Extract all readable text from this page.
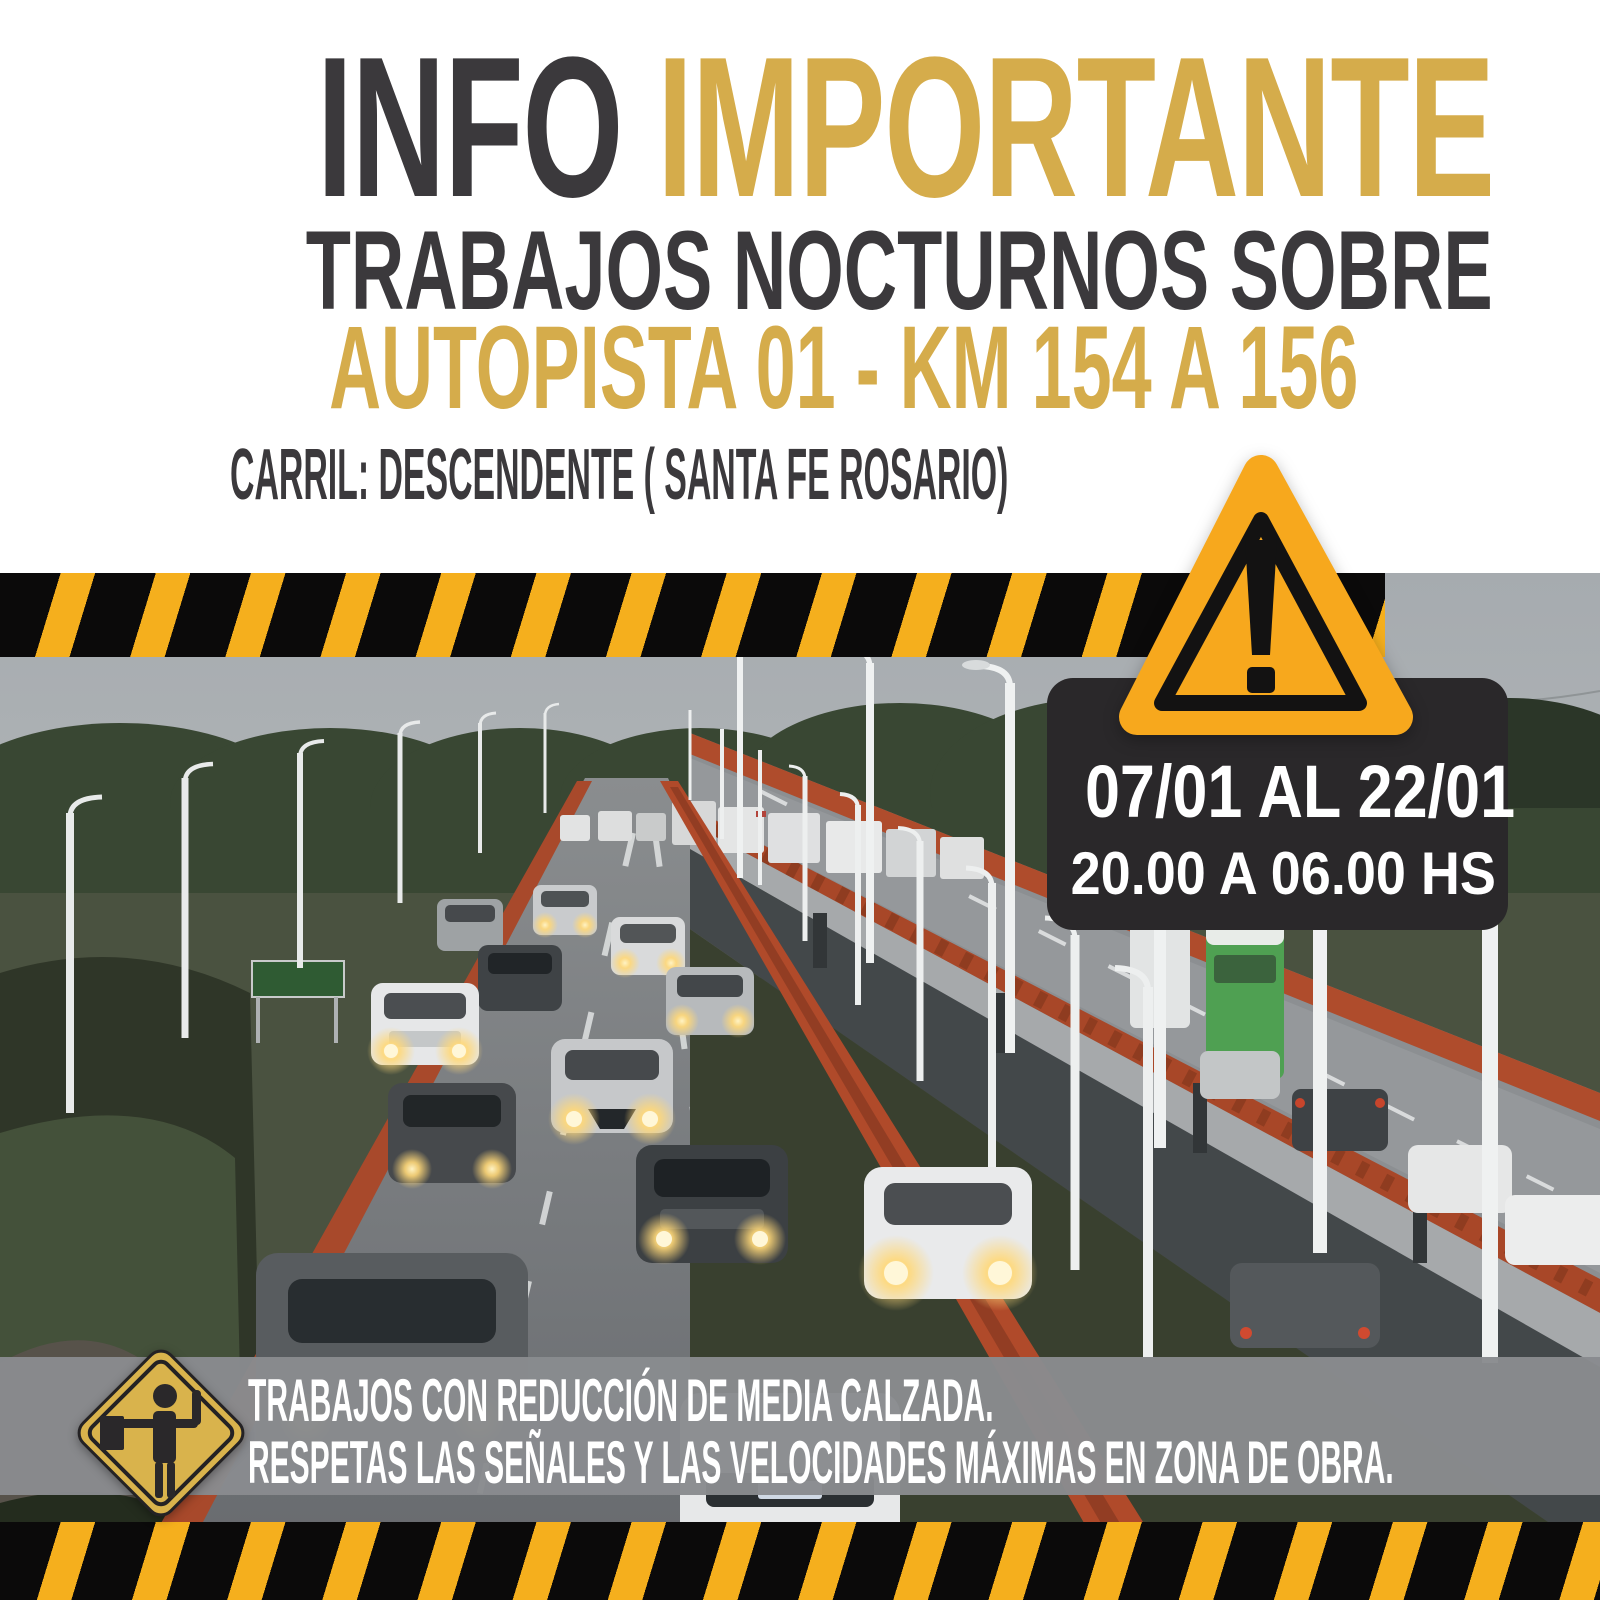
INFO IMPORTANTE
TRABAJOS NOCTURNOS SOBRE
AUTOPISTA 01 - KM 154 A 156
CARRIL: DESCENDENTE ( SANTA FE ROSARIO)
07/01 AL 22/01
20.00 A 06.00 HS
TRABAJOS CON REDUCCIÓN DE MEDIA CALZADA.
RESPETAS LAS SEÑALES Y LAS VELOCIDADES MÁXIMAS EN ZONA DE OBRA.
